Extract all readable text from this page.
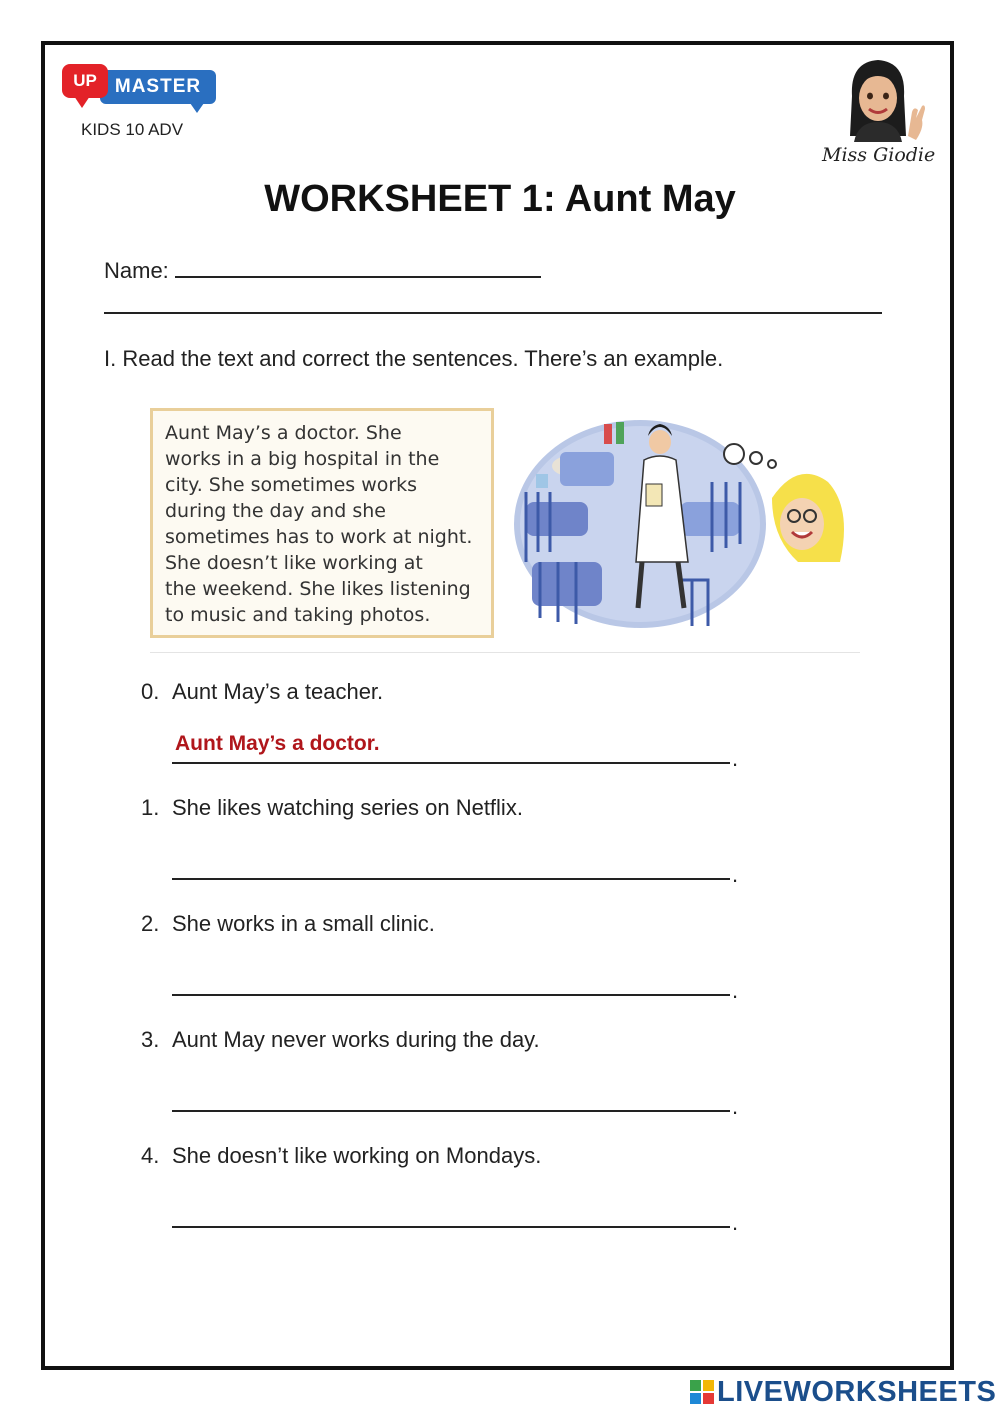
MASTER
UP
KIDS 10 ADV
Miss Giodie
WORKSHEET 1: Aunt May
Name:
I. Read the text and correct the sentences. There’s an example.
Aunt May’s a doctor. She
works in a big hospital in the
city. She sometimes works
during the day and she
sometimes has to work at night.
She doesn’t like working at
the weekend. She likes listening
to music and taking photos.
0. Aunt May’s a teacher.
Aunt May’s a doctor.
.
1. She likes watching series on Netflix.
.
2. She works in a small clinic.
.
3. Aunt May never works during the day.
.
4. She doesn’t like working on Mondays.
.
LIVEWORKSHEETS
